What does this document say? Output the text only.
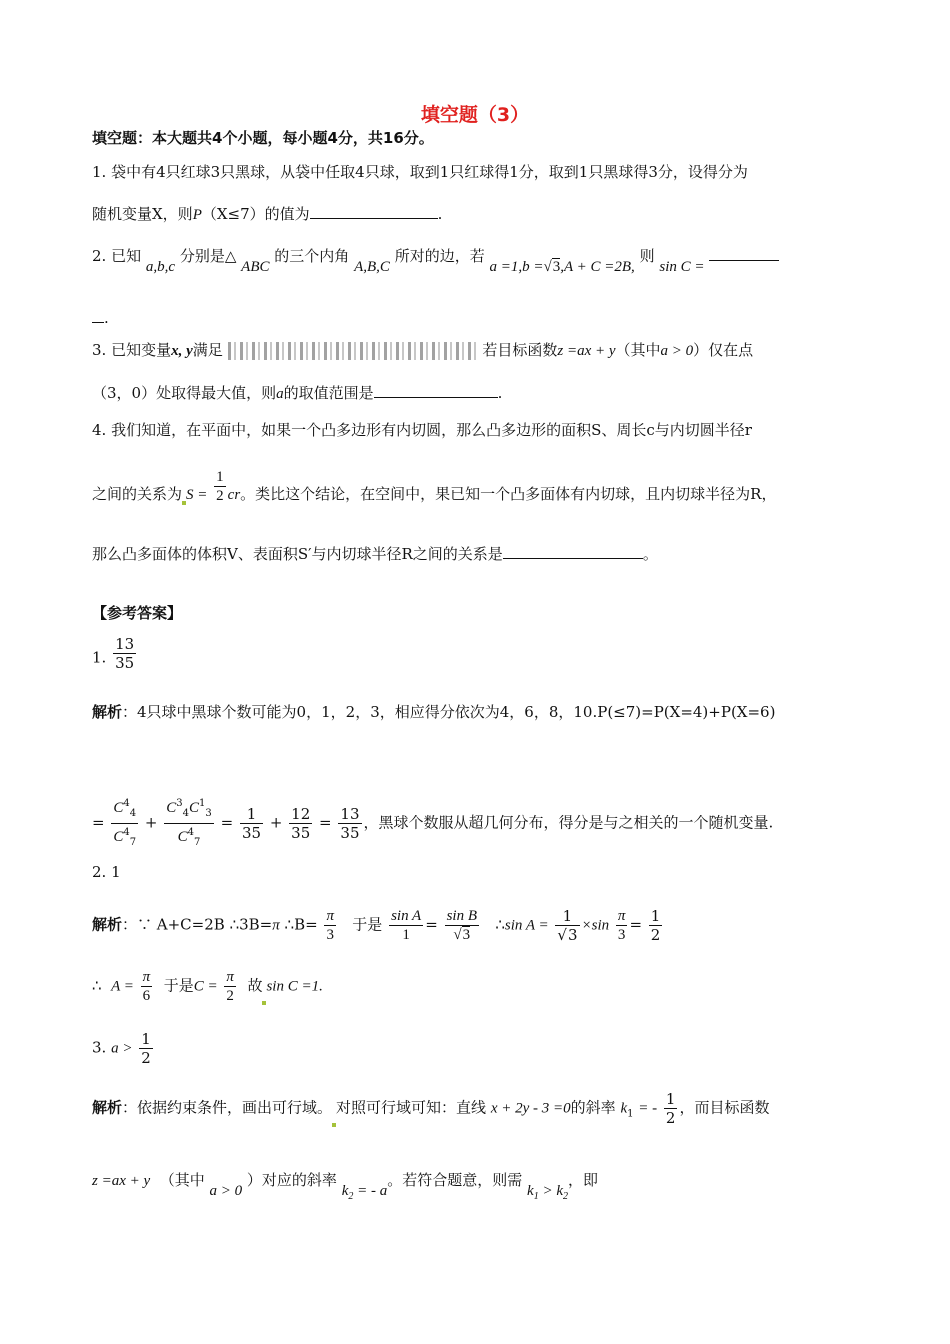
填空题（3）
填空题：本大题共4个小题，每小题4分，共16分。
1. 袋中有4只红球3只黑球，从袋中任取4只球，取到1只红球得1分，取到1只黑球得3分，设得分为
随机变量X，则P（X≤7）的值为	.
2. 已知 a,b,c 分别是△ ABC 的三个内角 A,B,C 所对的边，若 a =1,b =√3,A + C =2B, 则 sin C =
.
3. 已知变量x, y满足	若目标函数z =ax + y（其中a > 0）仅在点
（3，0）处取得最大值，则a的取值范围是	.
4. 我们知道，在平面中，如果一个凸多边形有内切圆，那么凸多边形的面积S、周长c与内切圆半径r
之间的关系为 $S = \frac{1}{2}$ cr。类比这个结论，在空间中，果已知一个凸多面体有内切球，且内切球半径为R，
那么凸多面体的体积V、表面积S′与内切球半径R之间的关系是	。
【参考答案】
1. $\frac{13}{35}$
解析：4只球中黑球个数可能为0，1，2，3，相应得分依次为4，6，8，10.P(≤7)=P(X=4)+P(X=6)
= $\frac{C^4_4}{C^4_7} + \frac{C^3_4C^1_3}{C^4_7} = \frac{1}{35} + \frac{12}{35} = \frac{13}{35}$ ，黑球个数服从超几何分布，得分是与之相关的一个随机变量.
2. 1
解析：∵ A+C=2B ∴3B=π ∴B= $\frac{\pi}{3}$ 于是 $\frac{\text{sin A}}{1} = \frac{\text{sin B}}{√3}$ ∴sin $A = \frac{1}{√3} \times\sin \frac{\pi}{3} = \frac{1}{2}$
∴ $A = \frac{\pi}{6}$ 于是$C = \frac{\pi}{2}$ 故 sin C =1.
3. $a > \frac{1}{2}$
解析：依据约束条件，画出可行域。 对照可行域可知：直线 x + 2y - 3 =0的斜率 $k_1$ = - $\frac{1}{2}$ ，而目标函数
z =ax + y （其中 a > 0 ）对应的斜率 $k_2$ = - a。若符合题意，则需 $k_1 > k_2$，即
